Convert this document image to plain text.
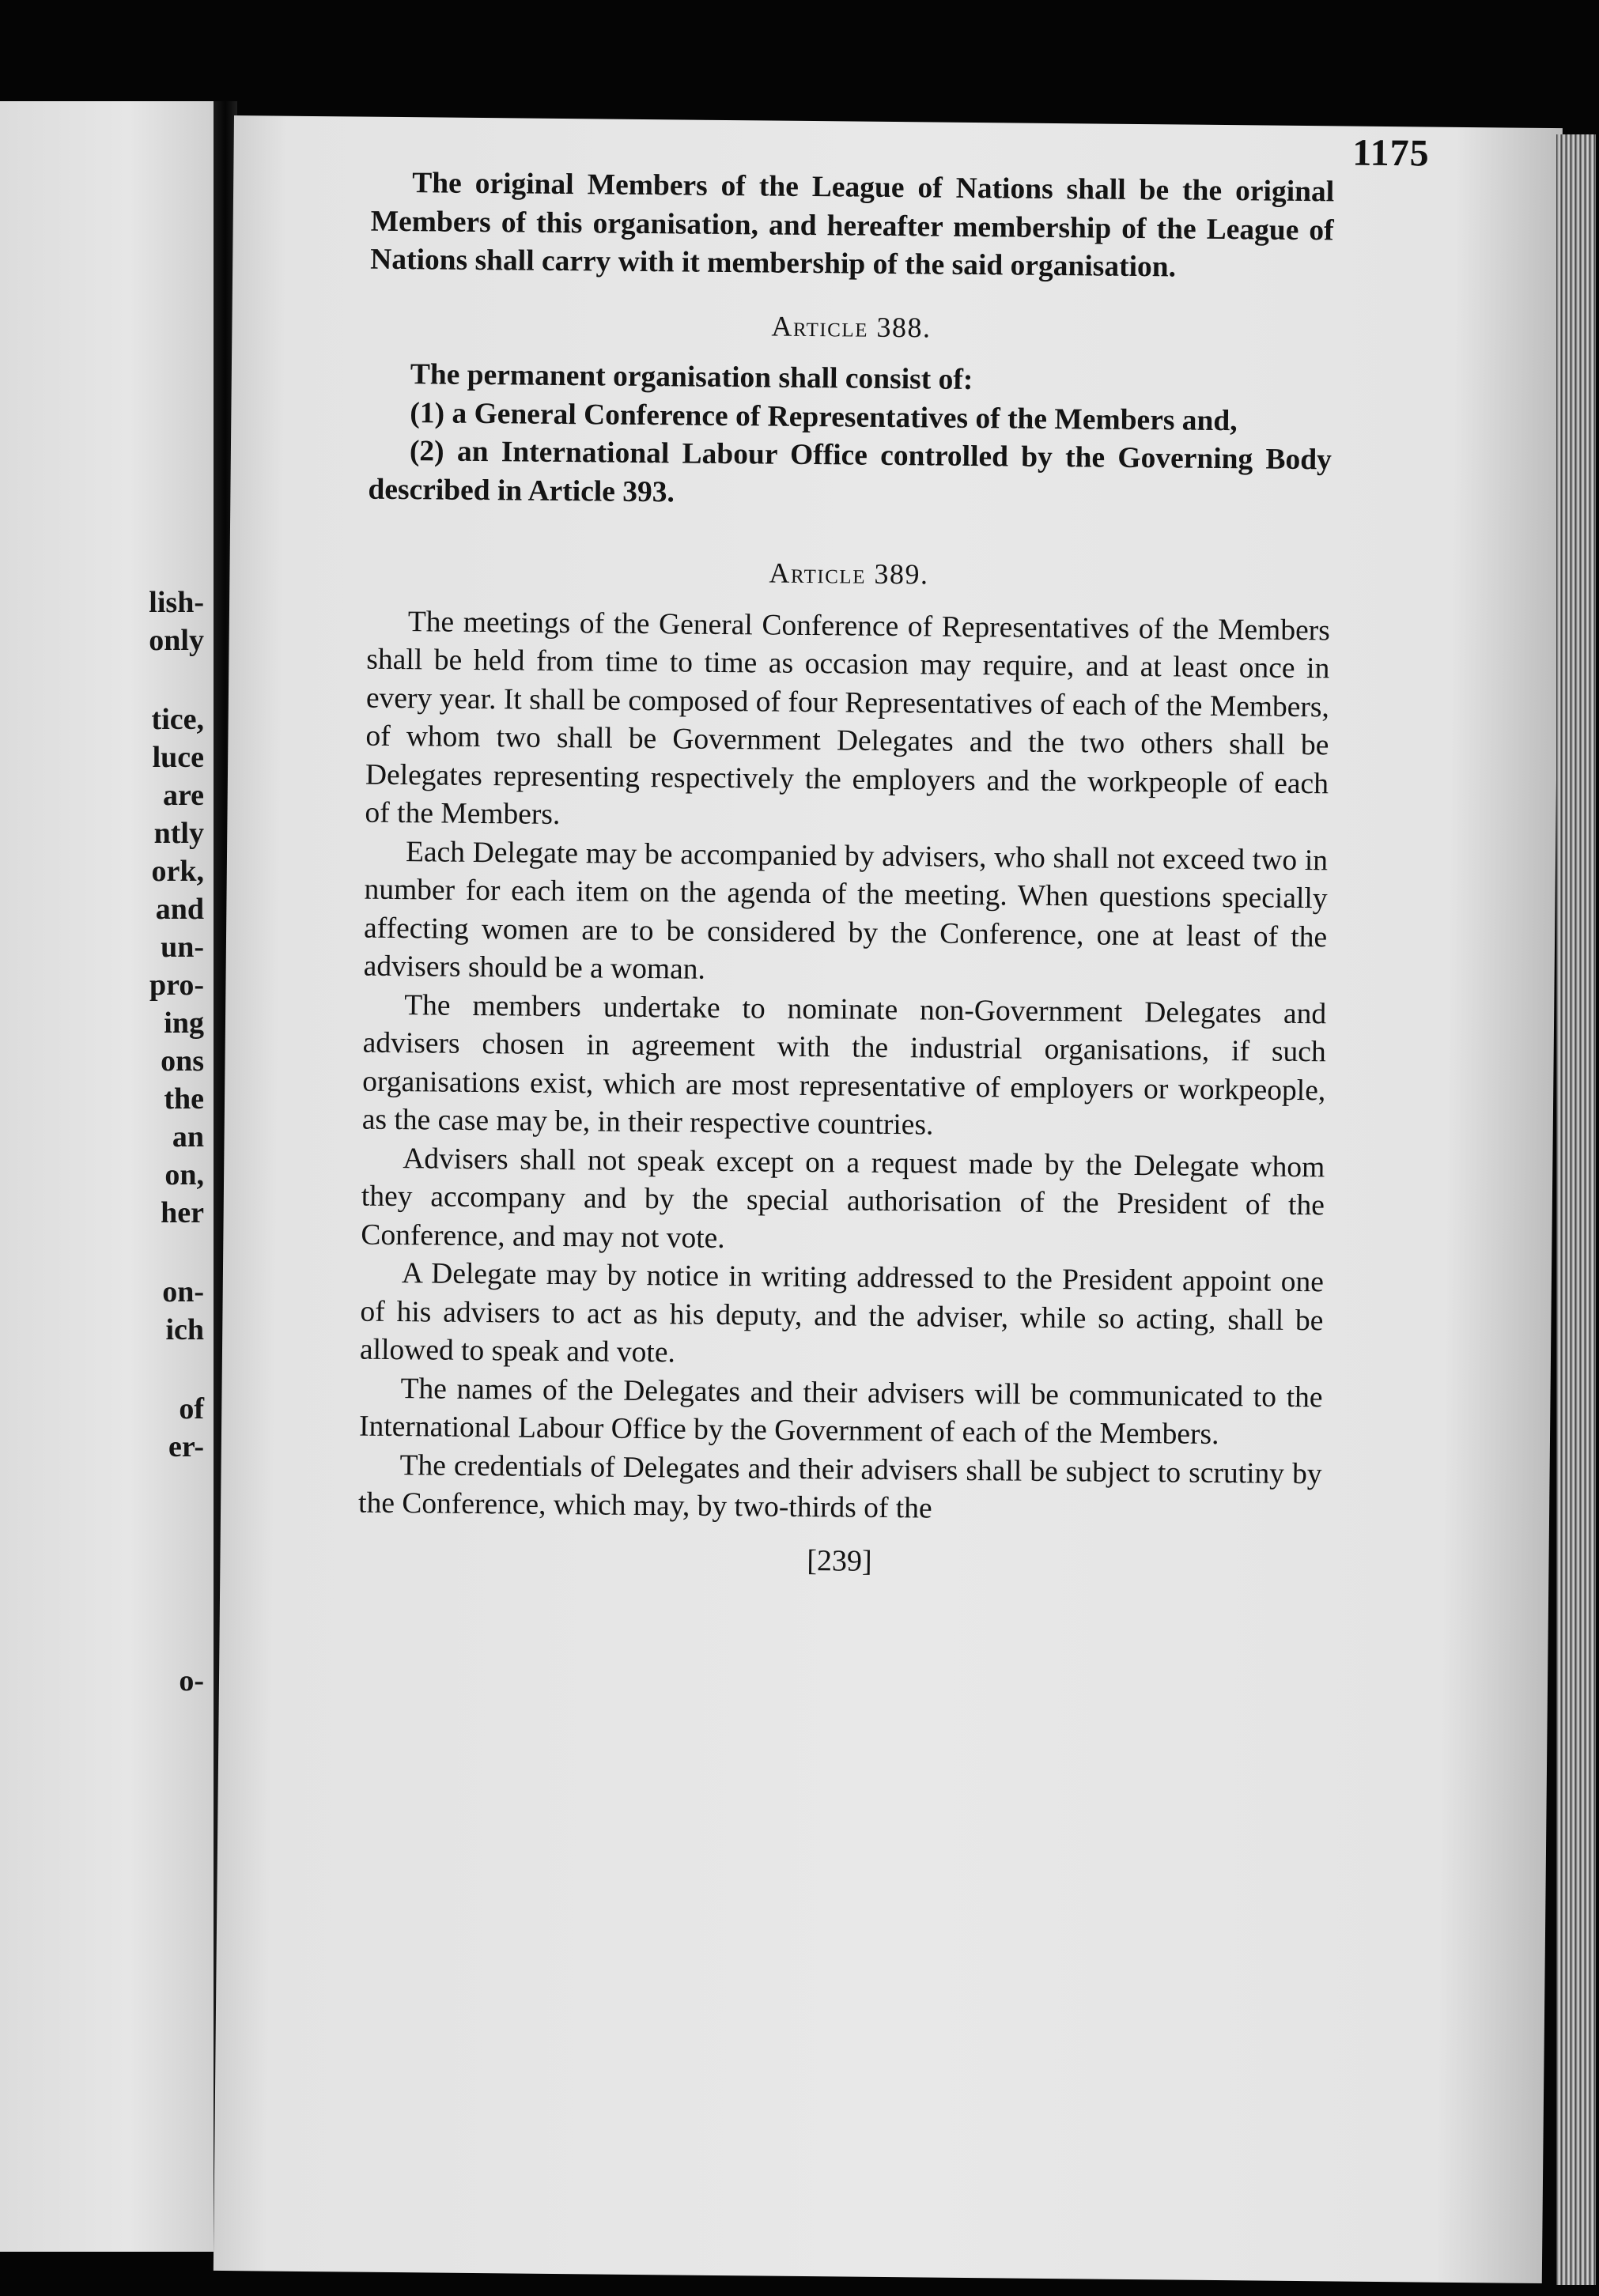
lish-
only
tice,
luce
are
ntly
ork,
and
un-
pro-
ing
ons
the
an
on,
her
on-
ich
of
er-
o-
1175

The original Members of the League of Nations shall be the original Members of this organisation, and hereafter membership of the League of Nations shall carry with it membership of the said organisation.

Article 388.

The permanent organisation shall consist of:

(1) a General Conference of Representatives of the Members and,

(2) an International Labour Office controlled by the Governing Body described in Article 393.

Article 389.

The meetings of the General Conference of Representatives of the Members shall be held from time to time as occasion may require, and at least once in every year. It shall be composed of four Representatives of each of the Members, of whom two shall be Government Delegates and the two others shall be Delegates representing respectively the employers and the workpeople of each of the Members.

Each Delegate may be accompanied by advisers, who shall not exceed two in number for each item on the agenda of the meeting. When questions specially affecting women are to be considered by the Conference, one at least of the advisers should be a woman.

The members undertake to nominate non-Government Delegates and advisers chosen in agreement with the industrial organisations, if such organisations exist, which are most representative of employers or workpeople, as the case may be, in their respective countries.

Advisers shall not speak except on a request made by the Delegate whom they accompany and by the special authorisation of the President of the Conference, and may not vote.

A Delegate may by notice in writing addressed to the President appoint one of his advisers to act as his deputy, and the adviser, while so acting, shall be allowed to speak and vote.

The names of the Delegates and their advisers will be communicated to the International Labour Office by the Government of each of the Members.

The credentials of Delegates and their advisers shall be subject to scrutiny by the Conference, which may, by two-thirds of the

[239]
